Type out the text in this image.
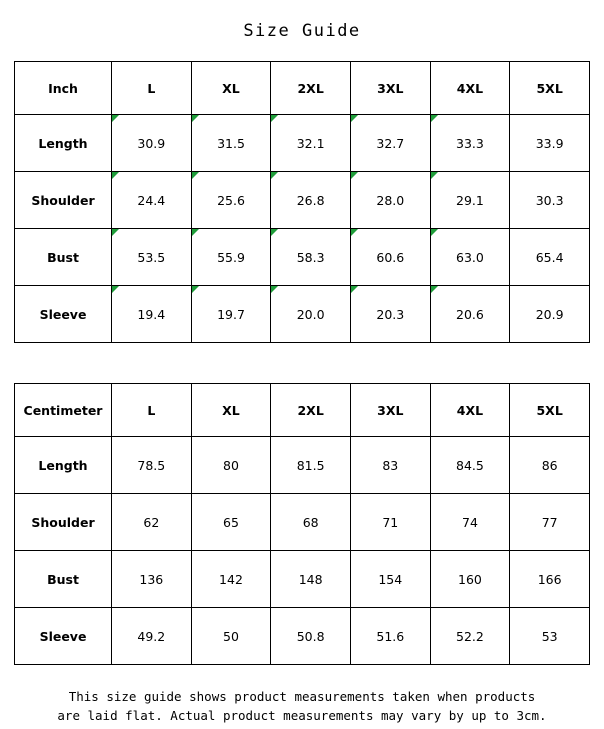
Size Guide
Inch	L	XL	2XL	3XL	4XL	5XL
Length	30.9	31.5	32.1	32.7	33.3	33.9
Shoulder	24.4	25.6	26.8	28.0	29.1	30.3
Bust	53.5	55.9	58.3	60.6	63.0	65.4
Sleeve	19.4	19.7	20.0	20.3	20.6	20.9
Centimeter	L	XL	2XL	3XL	4XL	5XL
Length	78.5	80	81.5	83	84.5	86
Shoulder	62	65	68	71	74	77
Bust	136	142	148	154	160	166
Sleeve	49.2	50	50.8	51.6	52.2	53
This size guide shows product measurements taken when products
are laid flat. Actual product measurements may vary by up to 3cm.
